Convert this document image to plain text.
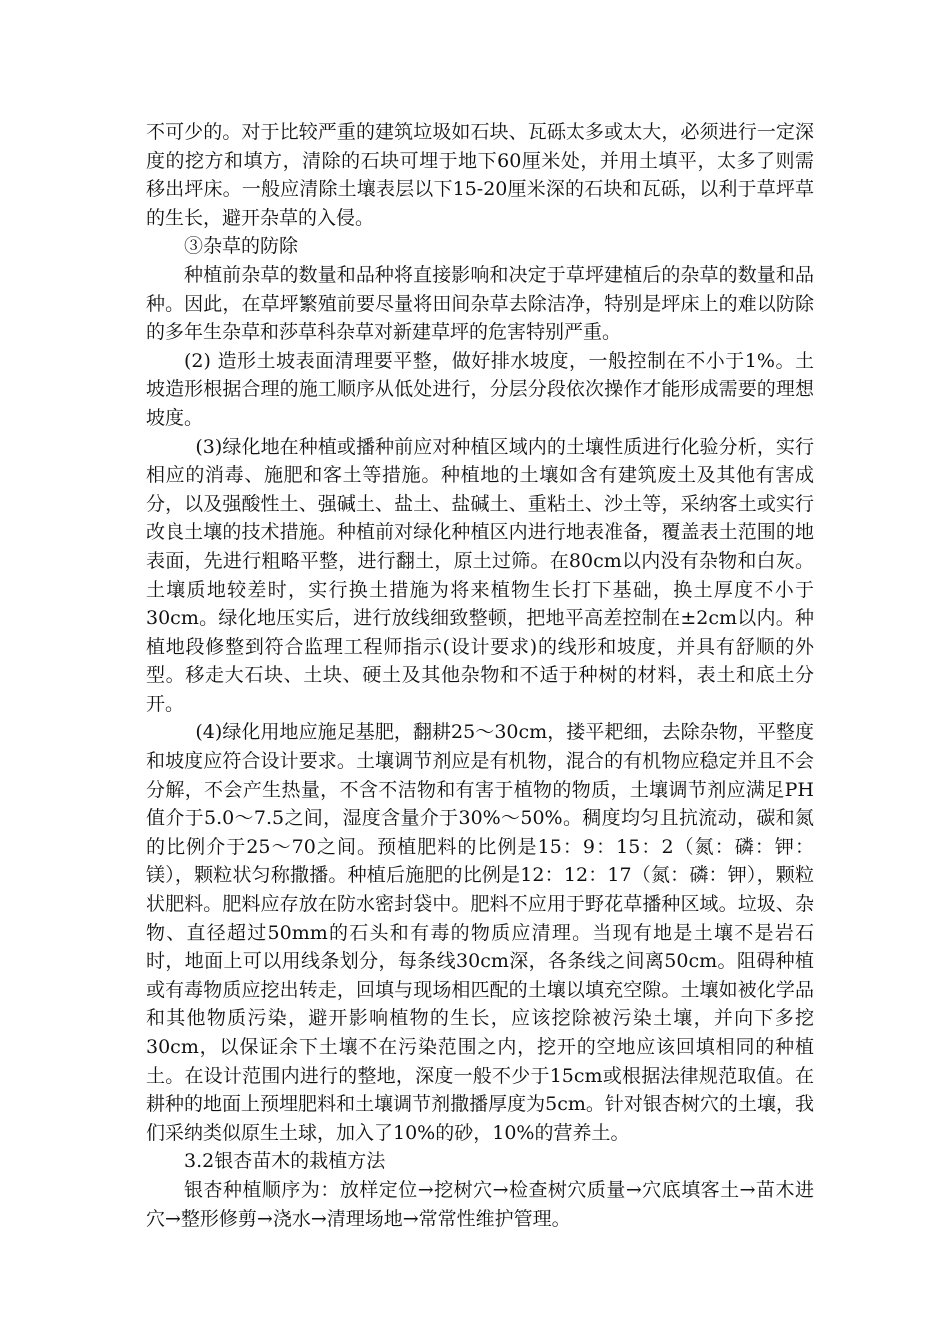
不可少的。对于比较严重的建筑垃圾如石块、瓦砾太多或太大，必须进行一定深度的挖方和填方，清除的石块可埋于地下60厘米处，并用土填平，太多了则需移出坪床。一般应清除土壤表层以下15-20厘米深的石块和瓦砾，以利于草坪草的生长，避开杂草的入侵。

③杂草的防除

种植前杂草的数量和品种将直接影响和决定于草坪建植后的杂草的数量和品种。因此，在草坪繁殖前要尽量将田间杂草去除洁净，特别是坪床上的难以防除的多年生杂草和莎草科杂草对新建草坪的危害特别严重。

(2) 造形土坡表面清理要平整，做好排水坡度，一般控制在不小于1%。土坡造形根据合理的施工顺序从低处进行，分层分段依次操作才能形成需要的理想坡度。

(3)绿化地在种植或播种前应对种植区域内的土壤性质进行化验分析，实行相应的消毒、施肥和客土等措施。种植地的土壤如含有建筑废土及其他有害成分，以及强酸性土、强碱土、盐土、盐碱土、重粘土、沙土等，采纳客土或实行改良土壤的技术措施。种植前对绿化种植区内进行地表准备，覆盖表土范围的地表面，先进行粗略平整，进行翻土，原土过筛。在80cm以内没有杂物和白灰。土壤质地较差时，实行换土措施为将来植物生长打下基础，换土厚度不小于30cm。绿化地压实后，进行放线细致整顿，把地平高差控制在±2cm以内。种植地段修整到符合监理工程师指示(设计要求)的线形和坡度，并具有舒顺的外型。移走大石块、土块、硬土及其他杂物和不适于种树的材料，表土和底土分开。

(4)绿化用地应施足基肥，翻耕25～30cm，搂平耙细，去除杂物，平整度和坡度应符合设计要求。土壤调节剂应是有机物，混合的有机物应稳定并且不会分解，不会产生热量，不含不洁物和有害于植物的物质，土壤调节剂应满足PH值介于5.0～7.5之间，湿度含量介于30%～50%。稠度均匀且抗流动，碳和氮的比例介于25～70之间。预植肥料的比例是15：9：15：2（氮：磷：钾：镁），颗粒状匀称撒播。种植后施肥的比例是12：12：17（氮：磷：钾），颗粒状肥料。肥料应存放在防水密封袋中。肥料不应用于野花草播种区域。垃圾、杂物、直径超过50mm的石头和有毒的物质应清理。当现有地是土壤不是岩石时，地面上可以用线条划分，每条线30cm深，各条线之间离50cm。阻碍种植或有毒物质应挖出转走，回填与现场相匹配的土壤以填充空隙。土壤如被化学品和其他物质污染，避开影响植物的生长，应该挖除被污染土壤，并向下多挖30cm，以保证余下土壤不在污染范围之内，挖开的空地应该回填相同的种植土。在设计范围内进行的整地，深度一般不少于15cm或根据法律规范取值。在耕种的地面上预埋肥料和土壤调节剂撒播厚度为5cm。针对银杏树穴的土壤，我们采纳类似原生土球，加入了10%的砂，10%的营养土。

3.2银杏苗木的栽植方法

银杏种植顺序为：放样定位→挖树穴→检查树穴质量→穴底填客土→苗木进穴→整形修剪→浇水→清理场地→常常性维护管理。
